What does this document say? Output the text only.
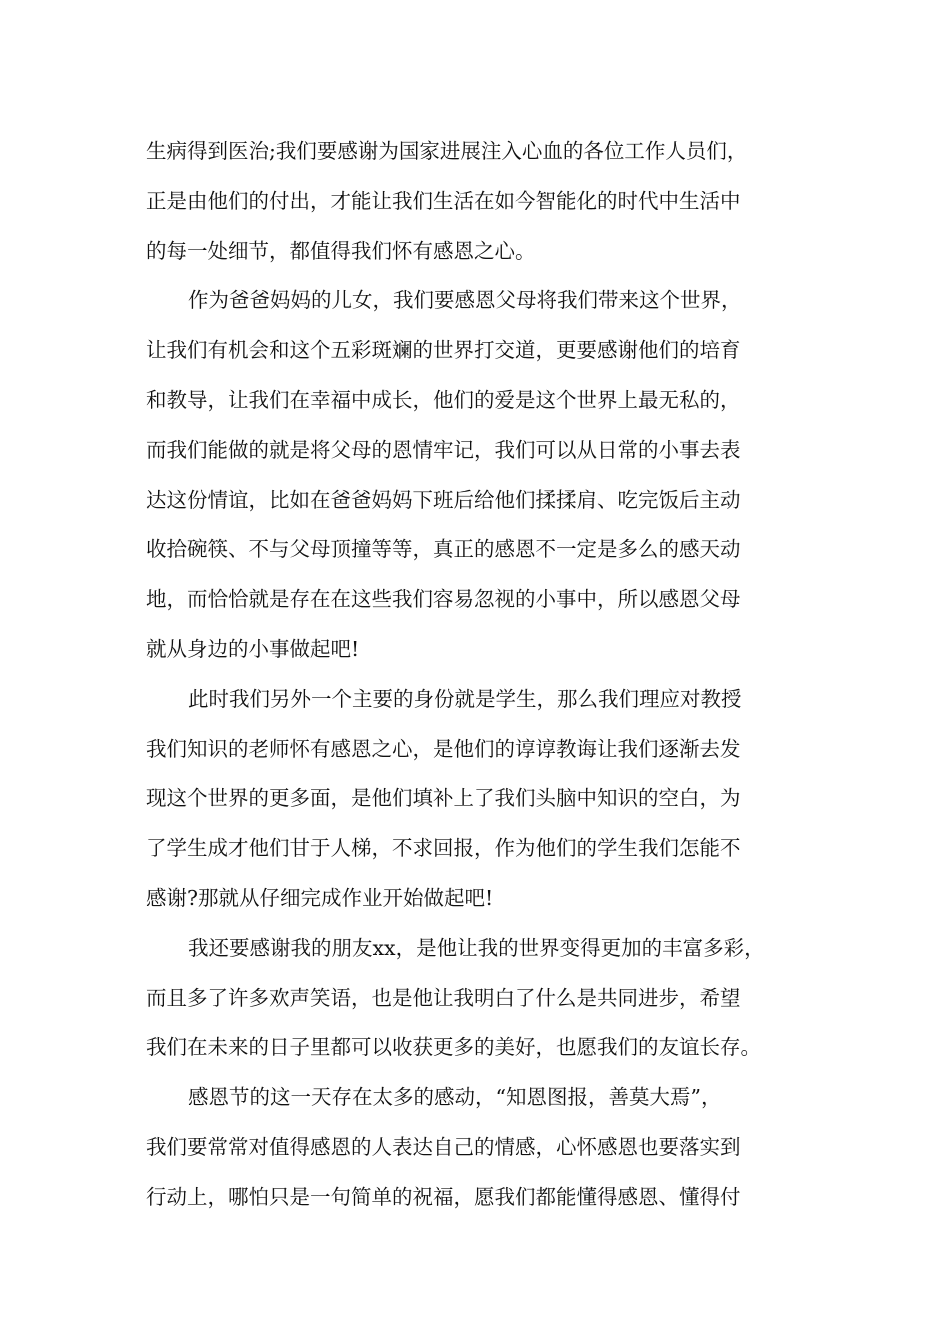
生病得到医治;我们要感谢为国家进展注入心血的各位工作人员们，
正是由他们的付出，才能让我们生活在如今智能化的时代中生活中
的每一处细节，都值得我们怀有感恩之心。
作为爸爸妈妈的儿女，我们要感恩父母将我们带来这个世界，
让我们有机会和这个五彩斑斓的世界打交道，更要感谢他们的培育
和教导，让我们在幸福中成长，他们的爱是这个世界上最无私的，
而我们能做的就是将父母的恩情牢记，我们可以从日常的小事去表
达这份情谊，比如在爸爸妈妈下班后给他们揉揉肩、吃完饭后主动
收拾碗筷、不与父母顶撞等等，真正的感恩不一定是多么的感天动
地，而恰恰就是存在在这些我们容易忽视的小事中，所以感恩父母
就从身边的小事做起吧!
此时我们另外一个主要的身份就是学生，那么我们理应对教授
我们知识的老师怀有感恩之心，是他们的谆谆教诲让我们逐渐去发
现这个世界的更多面，是他们填补上了我们头脑中知识的空白，为
了学生成才他们甘于人梯，不求回报，作为他们的学生我们怎能不
感谢?那就从仔细完成作业开始做起吧!
我还要感谢我的朋友xx，是他让我的世界变得更加的丰富多彩，
而且多了许多欢声笑语，也是他让我明白了什么是共同进步，希望
我们在未来的日子里都可以收获更多的美好，也愿我们的友谊长存。
感恩节的这一天存在太多的感动，“知恩图报，善莫大焉”，
我们要常常对值得感恩的人表达自己的情感，心怀感恩也要落实到
行动上，哪怕只是一句简单的祝福，愿我们都能懂得感恩、懂得付
